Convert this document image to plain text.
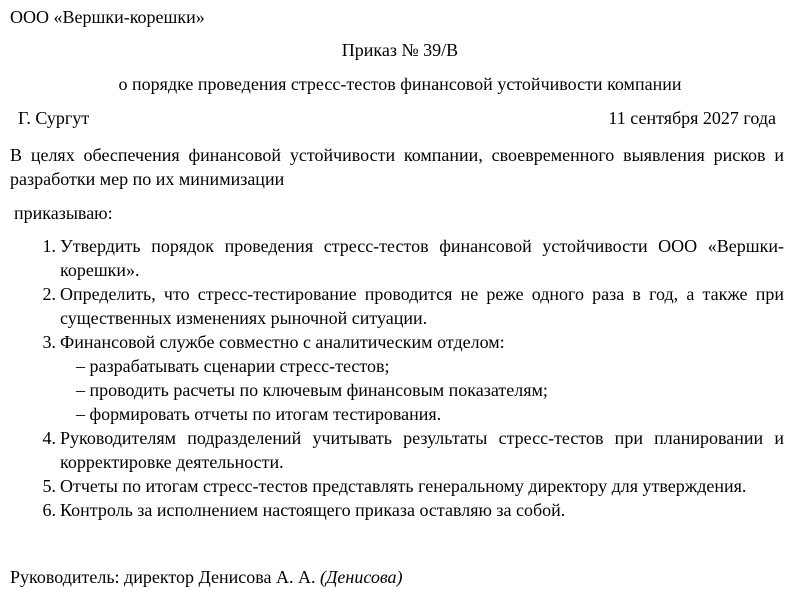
ООО «Вершки-корешки»
Приказ № 39/В
о порядке проведения стресс-тестов финансовой устойчивости компании
Г. Сургут	11 сентября 2027 года
В целях обеспечения финансовой устойчивости компании, своевременного выявления рисков и разработки мер по их минимизации
приказываю:
1. Утвердить порядок проведения стресс-тестов финансовой устойчивости ООО «Вершки-корешки».
2. Определить, что стресс-тестирование проводится не реже одного раза в год, а также при существенных изменениях рыночной ситуации.
3. Финансовой службе совместно с аналитическим отделом:
– разрабатывать сценарии стресс-тестов;
– проводить расчеты по ключевым финансовым показателям;
– формировать отчеты по итогам тестирования.
4. Руководителям подразделений учитывать результаты стресс-тестов при планировании и корректировке деятельности.
5. Отчеты по итогам стресс-тестов представлять генеральному директору для утверждения.
6. Контроль за исполнением настоящего приказа оставляю за собой.
Руководитель: директор Денисова А. А. (Денисова)
